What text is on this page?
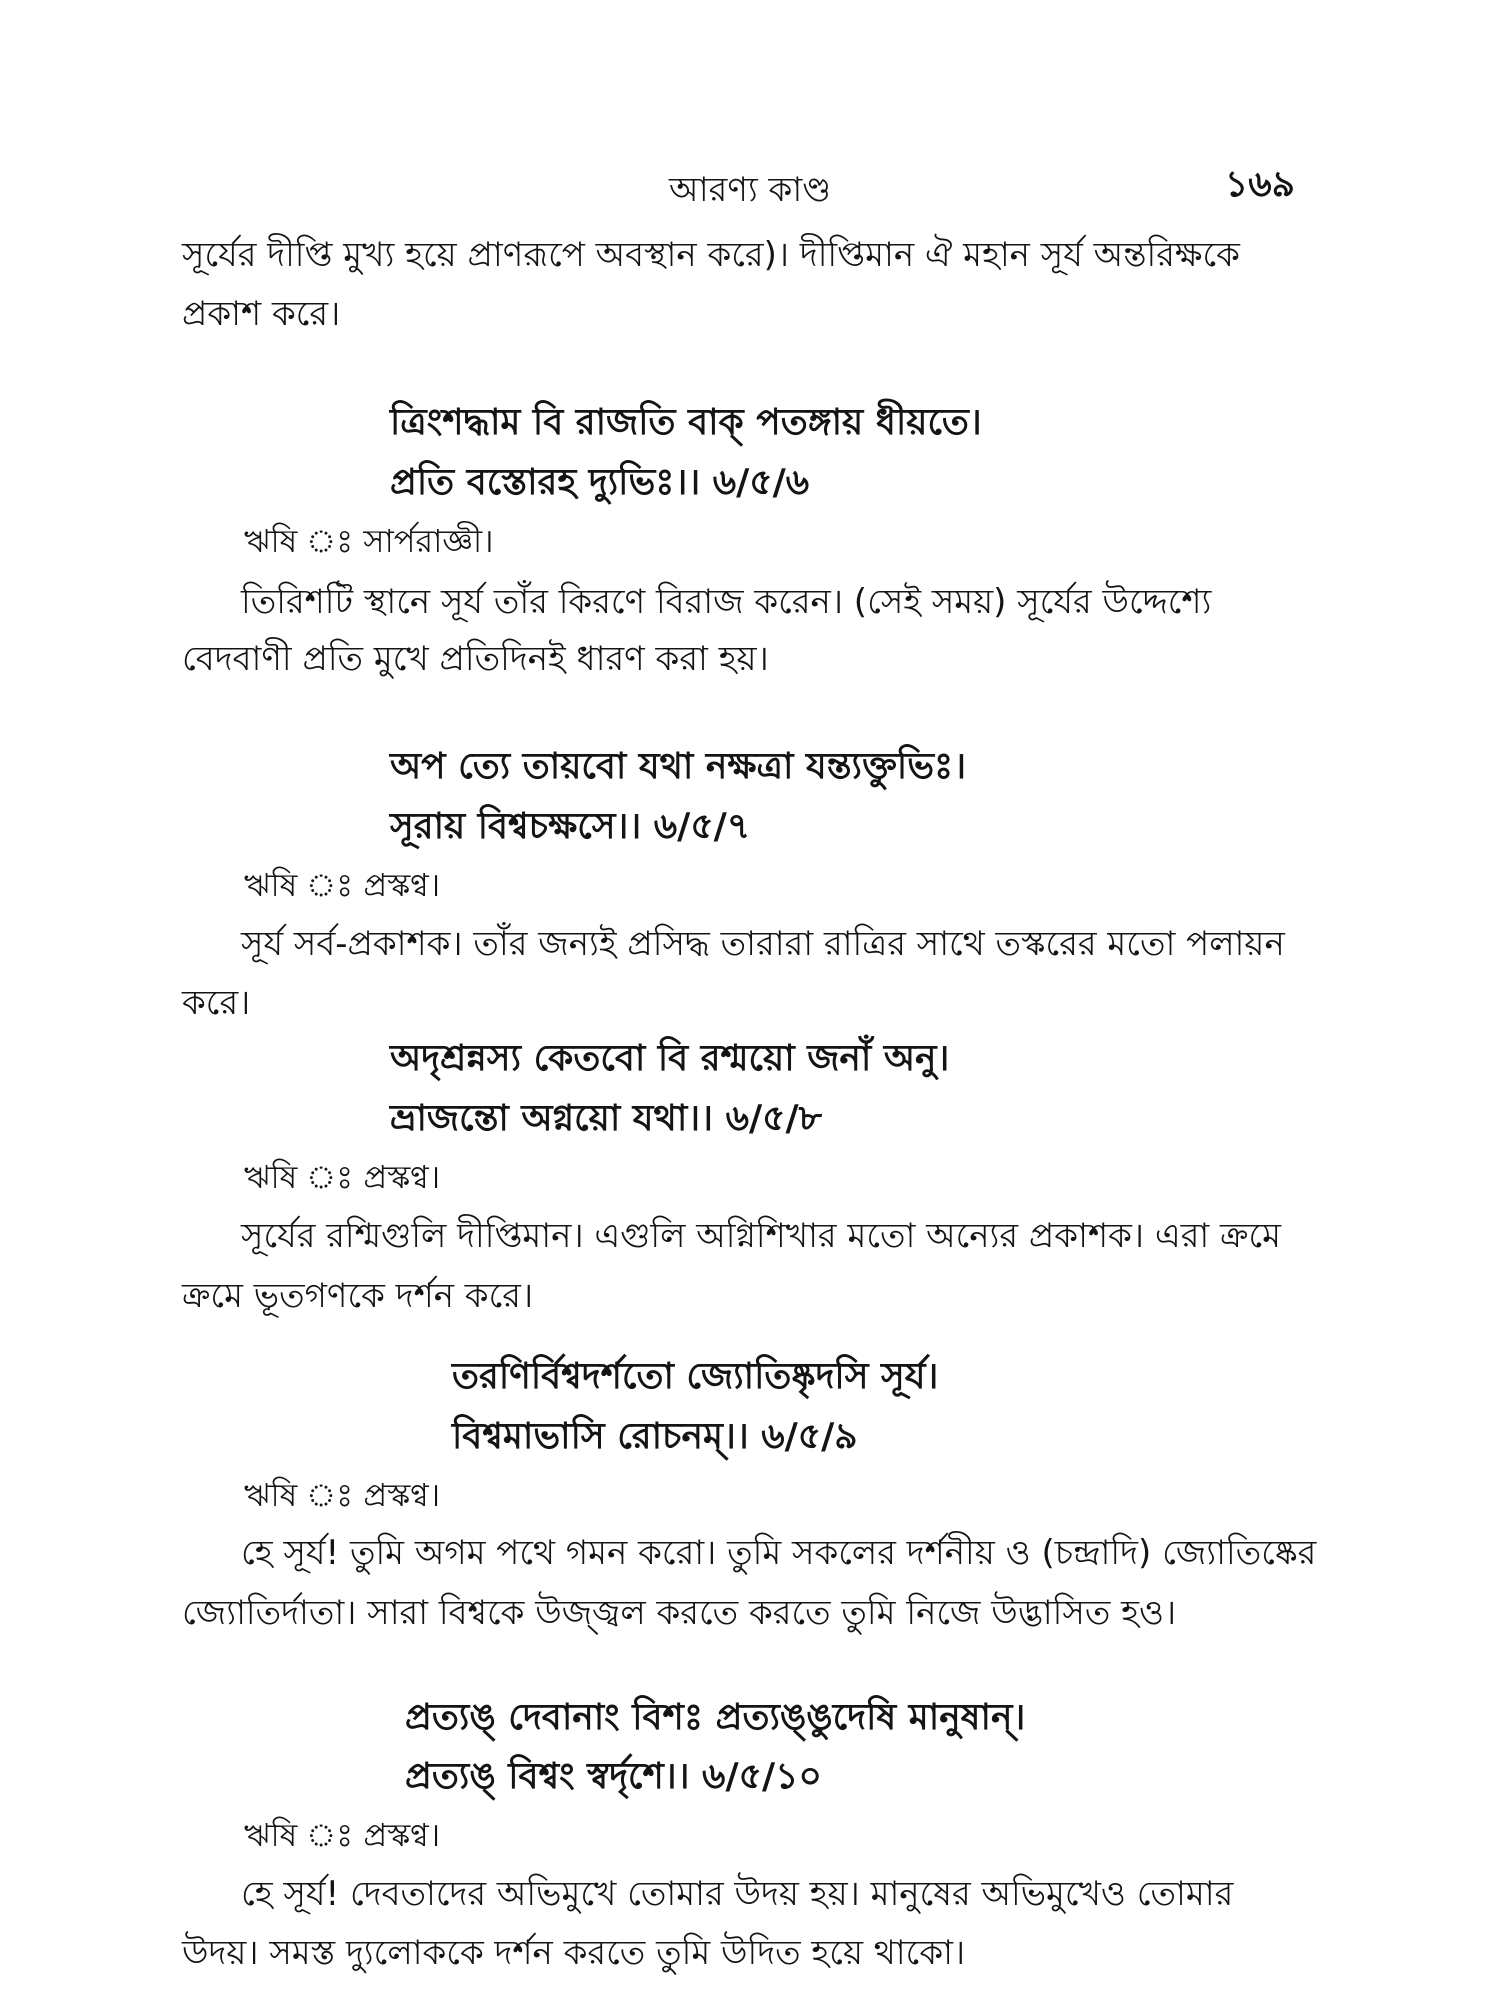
আরণ্য কাণ্ড	১৬৯
সূর্যের দীপ্তি মুখ্য হয়ে প্রাণরূপে অবস্থান করে)। দীপ্তিমান ঐ মহান সূর্য অন্তরিক্ষকে
প্রকাশ করে।
ত্রিংশদ্ধাম বি রাজতি বাক্ পতঙ্গায় ধীয়তে।
প্রতি বস্তোরহ দ্যুভিঃ।। ৬/৫/৬
ঋষি ঃ সার্পরাজ্ঞী।
তিরিশটি স্থানে সূর্য তাঁর কিরণে বিরাজ করেন। (সেই সময়) সূর্যের উদ্দেশ্যে
বেদবাণী প্রতি মুখে প্রতিদিনই ধারণ করা হয়।
অপ ত্যে তায়বো যথা নক্ষত্রা যন্ত্যক্তুভিঃ।
সূরায় বিশ্বচক্ষসে।। ৬/৫/৭
ঋষি ঃ প্রস্কণ্ব।
সূর্য সর্ব-প্রকাশক। তাঁর জন্যই প্রসিদ্ধ তারারা রাত্রির সাথে তস্করের মতো পলায়ন
করে।
অদৃশ্রন্নস্য কেতবো বি রশ্ময়ো জনাঁ অনু।
ভ্রাজন্তো অগ্নয়ো যথা।। ৬/৫/৮
ঋষি ঃ প্রস্কণ্ব।
সূর্যের রশ্মিগুলি দীপ্তিমান। এগুলি অগ্নিশিখার মতো অন্যের প্রকাশক। এরা ক্রমে
ক্রমে ভূতগণকে দর্শন করে।
তরণির্বিশ্বদর্শতো জ্যোতিষ্কৃদসি সূর্য।
বিশ্বমাভাসি রোচনম্।। ৬/৫/৯
ঋষি ঃ প্রস্কণ্ব।
হে সূর্য! তুমি অগম পথে গমন করো। তুমি সকলের দর্শনীয় ও (চন্দ্রাদি) জ্যোতিষ্কের
জ্যোতির্দাতা। সারা বিশ্বকে উজ্জ্বল করতে করতে তুমি নিজে উদ্ভাসিত হও।
প্রত্যঙ্ দেবানাং বিশঃ প্রত্যঙ্ঙুদেষি মানুষান্।
প্রত্যঙ্ বিশ্বং স্বর্দৃশে।। ৬/৫/১০
ঋষি ঃ প্রস্কণ্ব।
হে সূর্য! দেবতাদের অভিমুখে তোমার উদয় হয়। মানুষের অভিমুখেও তোমার
উদয়। সমস্ত দ্যুলোককে দর্শন করতে তুমি উদিত হয়ে থাকো।
